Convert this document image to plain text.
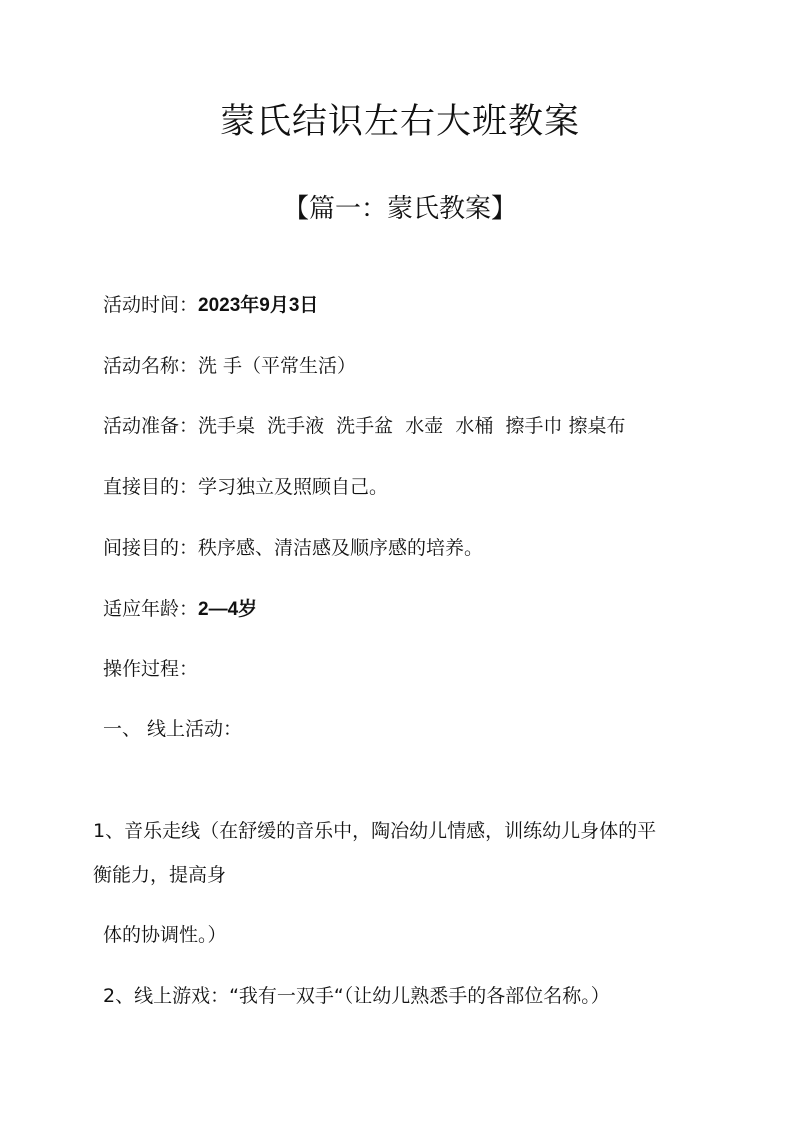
蒙氏结识左右大班教案
【篇一：蒙氏教案】
活动时间：2023年9月3日
活动名称：洗 手（平常生活）
活动准备：洗手桌  洗手液  洗手盆  水壶  水桶  擦手巾 擦桌布
直接目的：学习独立及照顾自己。
间接目的：秩序感、清洁感及顺序感的培养。
适应年龄：2—4岁
操作过程：
一、 线上活动：
1、音乐走线（在舒缓的音乐中，陶冶幼儿情感，训练幼儿身体的平
衡能力，提高身
体的协调性。）
2、线上游戏：“我有一双手“（让幼儿熟悉手的各部位名称。）
